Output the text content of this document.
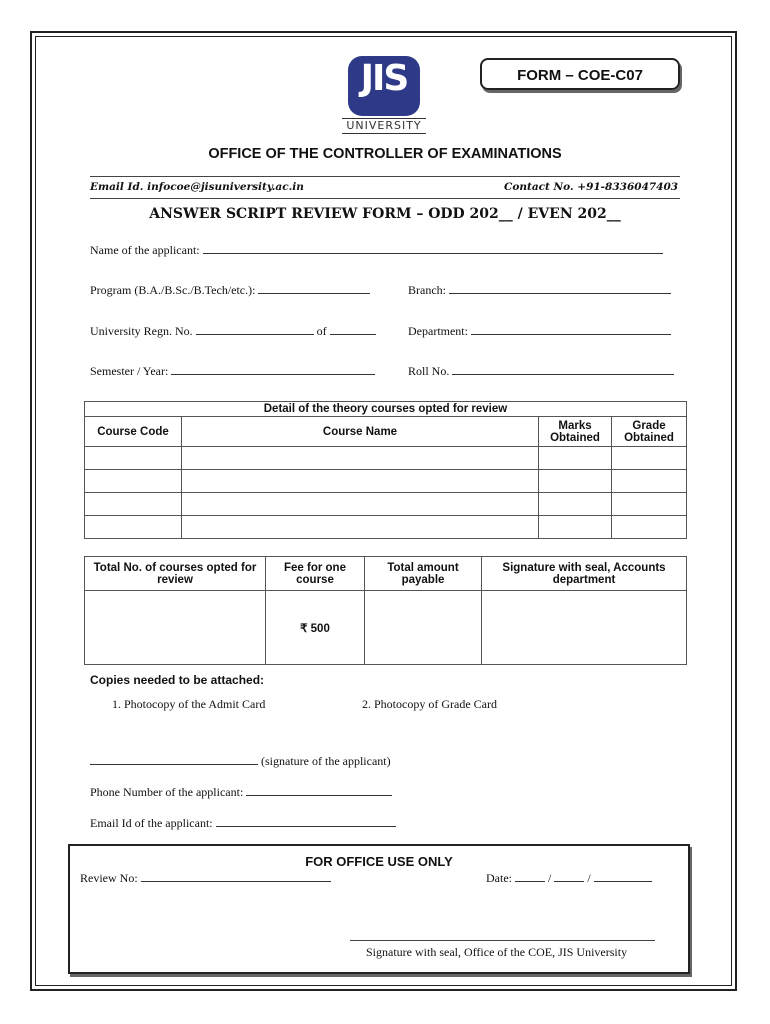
JIS
UNIVERSITY
FORM – COE-C07
OFFICE OF THE CONTROLLER OF EXAMINATIONS
Email Id. infocoe@jisuniversity.ac.in	Contact No. +91-8336047403
ANSWER SCRIPT REVIEW FORM – ODD 202__ / EVEN 202__
Name of the applicant:
Program (B.A./B.Sc./B.Tech/etc.):	Branch:
University Regn. No.	of	Department:
Semester / Year:	Roll No.
Detail of the theory courses opted for review			
Course Code	Course Name	Marks Obtained	Grade Obtained

Total No. of courses opted for review	Fee for one course	Total amount payable	Signature with seal, Accounts department
	₹ 500		
Copies needed to be attached:
1. Photocopy of the Admit Card	2. Photocopy of Grade Card
(signature of the applicant)
Phone Number of the applicant:
Email Id of the applicant:
FOR OFFICE USE ONLY
Review No:	Date:	/	/
Signature with seal, Office of the COE, JIS University
